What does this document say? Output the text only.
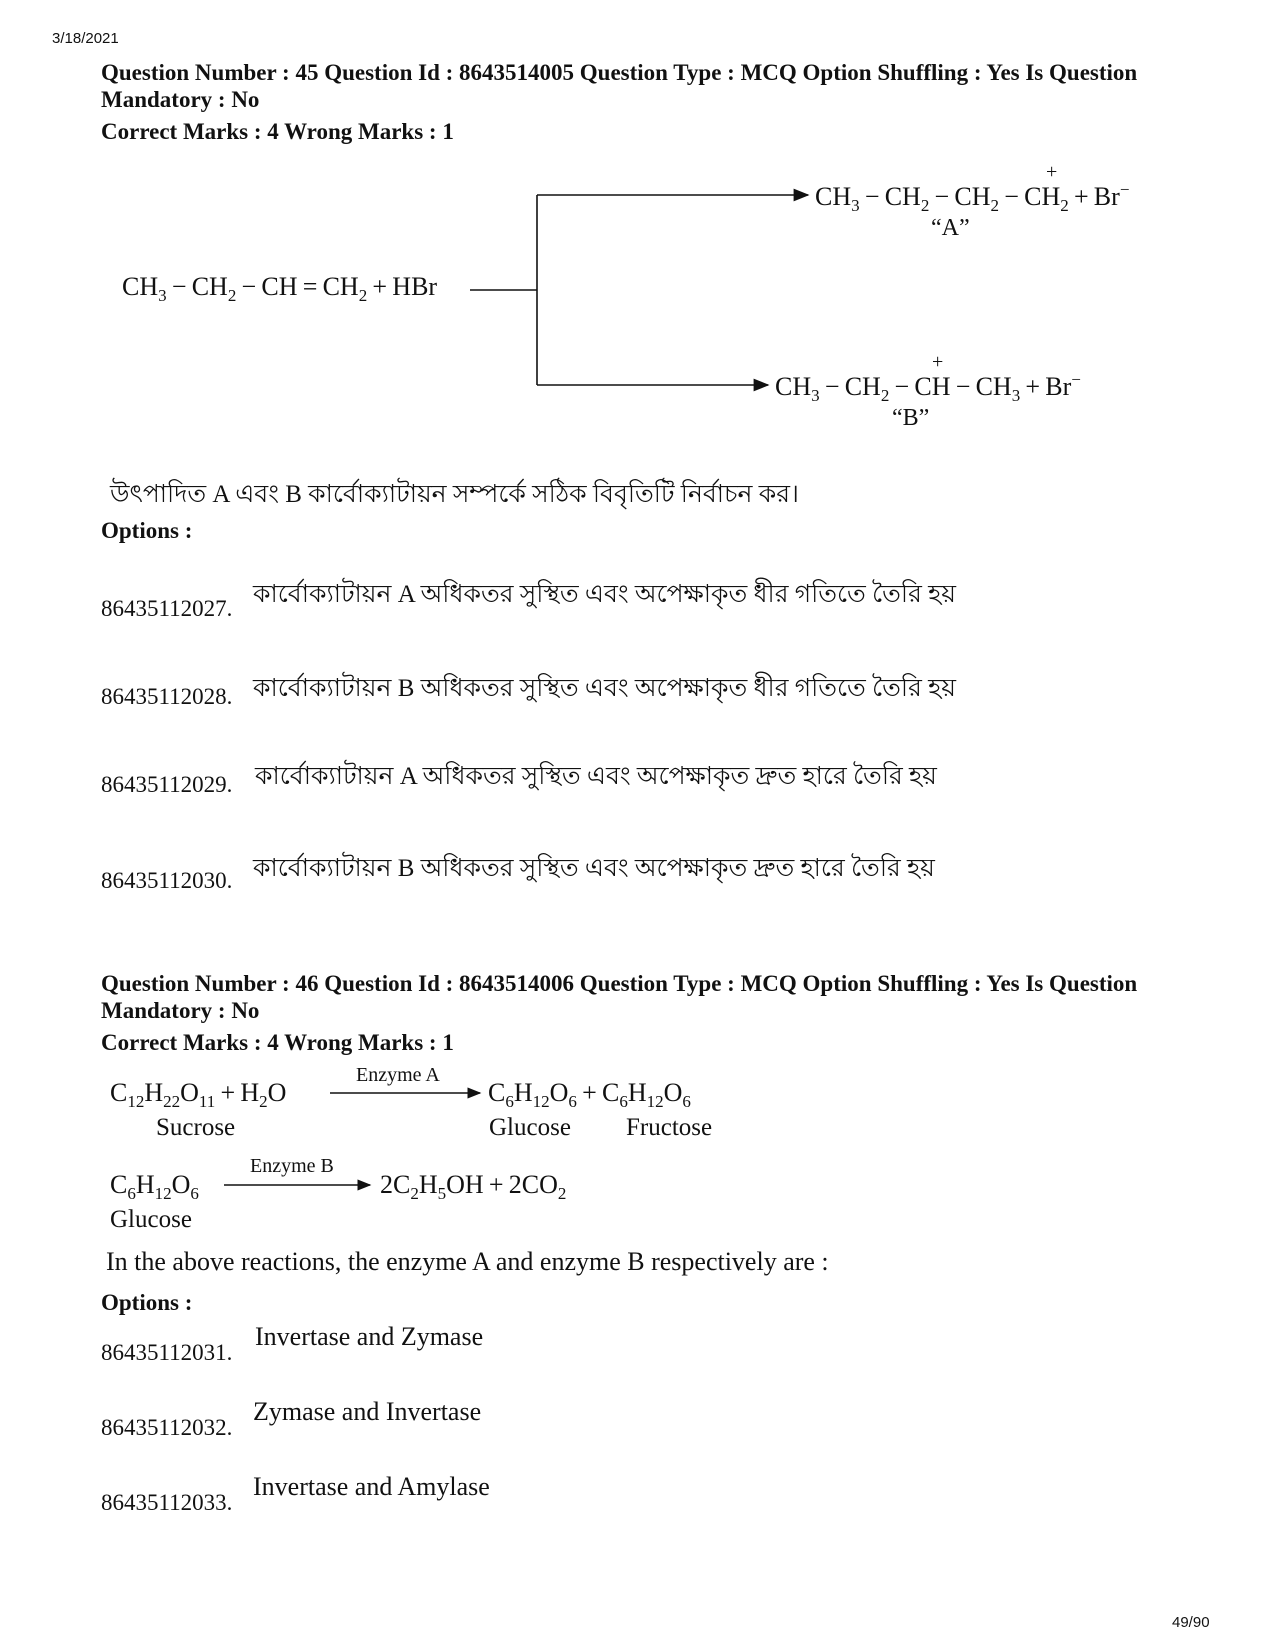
3/18/2021
49/90
Question Number : 45 Question Id : 8643514005 Question Type : MCQ Option Shuffling : Yes Is Question Mandatory : No
Correct Marks : 4 Wrong Marks : 1
$CH_3 - CH_2$ − CH = $CH_2$ + HBr
$CH_3 - CH_2 - CH_2 - CH_2 + Br^-$
+
“A”
$CH_3 - CH_2$ − CH − $CH_3 + Br^-$
+
“B”
উৎপাদিত A এবং B কার্বোক্যাটায়ন সম্পর্কে সঠিক বিবৃতিটি নির্বাচন কর।
Options :
86435112027.
কার্বোক্যাটায়ন A অধিকতর সুস্থিত এবং অপেক্ষাকৃত ধীর গতিতে তৈরি হয়
86435112028. কার্বোক্যাটায়ন B অধিকতর সুস্থিত এবং অপেক্ষাকৃত ধীর গতিতে তৈরি হয়
86435112029. কার্বোক্যাটায়ন A অধিকতর সুস্থিত এবং অপেক্ষাকৃত দ্রুত হারে তৈরি হয়
86435112030. কার্বোক্যাটায়ন B অধিকতর সুস্থিত এবং অপেক্ষাকৃত দ্রুত হারে তৈরি হয়
Question Number : 46 Question Id : 8643514006 Question Type : MCQ Option Shuffling : Yes Is Question Mandatory : No
Correct Marks : 4 Wrong Marks : 1
$C_{12}H_{22}O_{11} + H_2O$
Enzyme A
$C_6H_{12}O_6 + C_6H_{12}O_6$
Sucrose	Glucose Fructose
$C_6H_{12}O_6$
Enzyme B
$2C_2H_5OH + 2CO_2$
Glucose
In the above reactions, the enzyme A and enzyme B respectively are :
Options :
86435112031.
Invertase and Zymase
86435112032.
Zymase and Invertase
86435112033.
Invertase and Amylase
